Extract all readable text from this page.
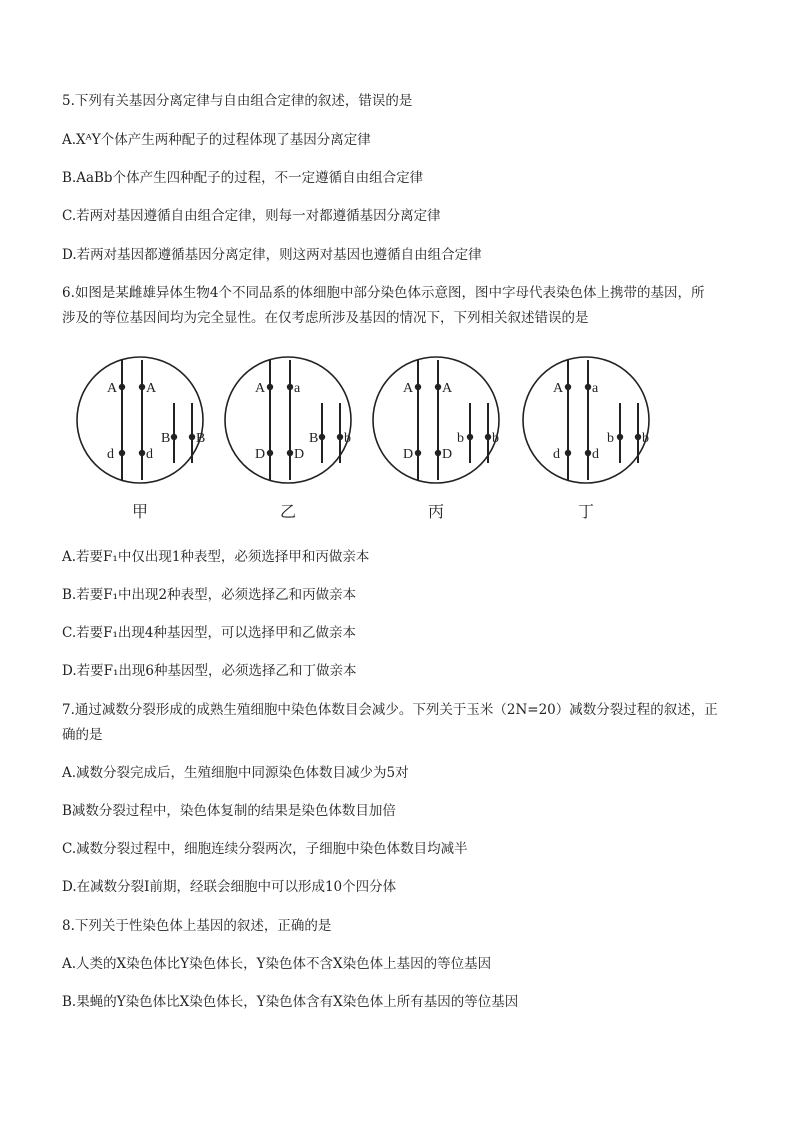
5.下列有关基因分离定律与自由组合定律的叙述，错误的是
A.XᴬY个体产生两种配子的过程体现了基因分离定律
B.AaBb个体产生四种配子的过程，不一定遵循自由组合定律
C.若两对基因遵循自由组合定律，则每一对都遵循基因分离定律
D.若两对基因都遵循基因分离定律，则这两对基因也遵循自由组合定律
6.如图是某雌雄异体生物4个不同品系的体细胞中部分染色体示意图，图中字母代表染色体上携带的基因，所
涉及的等位基因间均为完全显性。在仅考虑所涉及基因的情况下，下列相关叙述错误的是
A A
d d
B B
A a
D D
B b
A A
D D
b b
A a
d d
b b
甲	乙	丙	丁
A.若要F₁中仅出现1种表型，必须选择甲和丙做亲本
B.若要F₁中出现2种表型，必须选择乙和丙做亲本
C.若要F₁出现4种基因型，可以选择甲和乙做亲本
D.若要F₁出现6种基因型，必须选择乙和丁做亲本
7.通过减数分裂形成的成熟生殖细胞中染色体数目会减少。下列关于玉米（2N=20）减数分裂过程的叙述，正
确的是
A.减数分裂完成后，生殖细胞中同源染色体数目减少为5对
B减数分裂过程中，染色体复制的结果是染色体数目加倍
C.减数分裂过程中，细胞连续分裂两次，子细胞中染色体数目均减半
D.在减数分裂Ⅰ前期，经联会细胞中可以形成10个四分体
8.下列关于性染色体上基因的叙述，正确的是
A.人类的X染色体比Y染色体长，Y染色体不含X染色体上基因的等位基因
B.果蝇的Y染色体比X染色体长，Y染色体含有X染色体上所有基因的等位基因
